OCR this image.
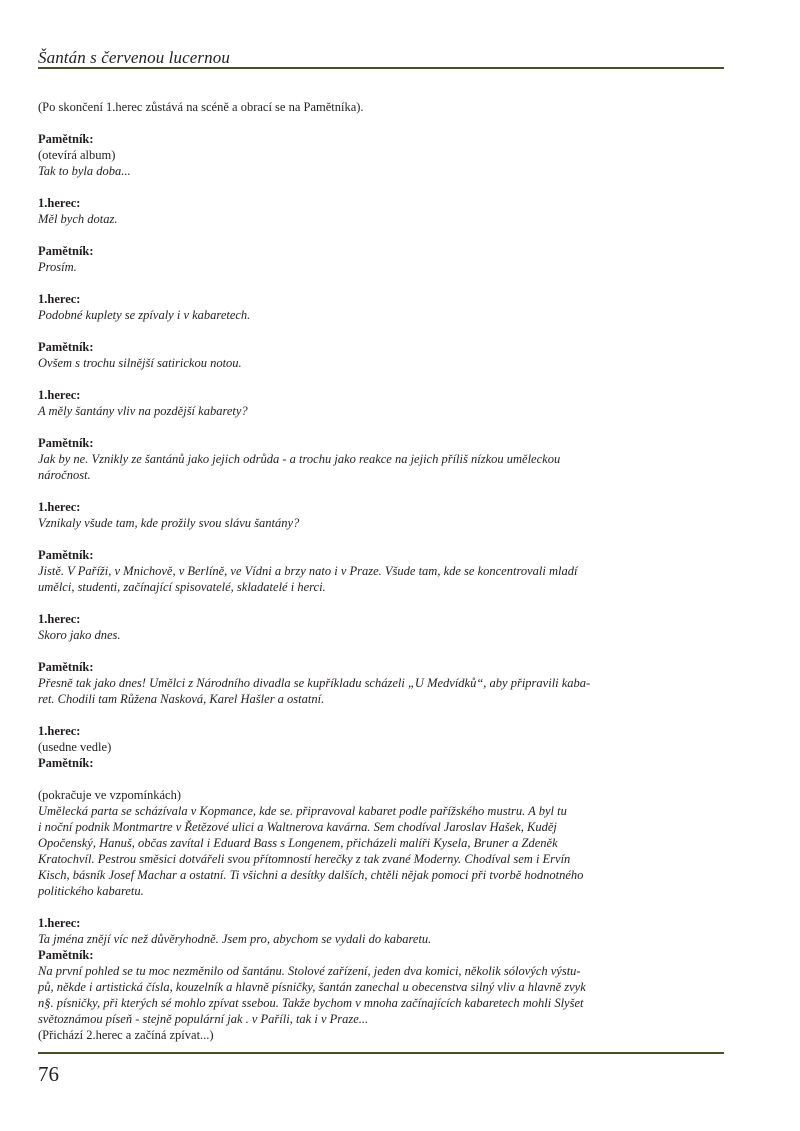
Šantán s červenou lucernou
(Po skončení 1.herec zůstává na scéně a obrací se na Pamětníka).
Pamětník:
(otevírá album)
Tak to byla doba...
1.herec:
Měl bych dotaz.
Pamětník:
Prosím.
1.herec:
Podobné kuplety se zpívaly i v kabaretech.
Pamětník:
Ovšem s trochu silnější satirickou notou.
1.herec:
A měly šantány vliv na pozdější kabarety?
Pamětník:
Jak by ne. Vznikly ze šantánů jako jejich odrůda - a trochu jako reakce na jejich příliš nízkou uměleckou
náročnost.
1.herec:
Vznikaly všude tam, kde prožily svou slávu šantány?
Pamětník:
Jistě. V Paříži, v Mnichově, v Berlíně, ve Vídni a brzy nato i v Praze. Všude tam, kde se koncentrovali mladí
umělci, studenti, začínající spisovatelé, skladatelé i herci.
1.herec:
Skoro jako dnes.
Pamětník:
Přesně tak jako dnes! Umělci z Národního divadla se kupříkladu scházeli „U Medvídků“, aby připravili kaba-
ret. Chodili tam Růžena Nasková, Karel Hašler a ostatní.
1.herec:
(usedne vedle)
Pamětník:
(pokračuje ve vzpomínkách)
Umělecká parta se scházívala v Kopmance, kde se. připravoval kabaret podle pařížského mustru. A byl tu
i noční podnik Montmartre v Řetězové ulici a Waltnerova kavárna. Sem chodíval Jaroslav Hašek, Kuděj
Opočenský, Hanuš, občas zavítal i Eduard Bass s Longenem, přicházeli malíři Kysela, Bruner a Zdeněk
Kratochvíl. Pestrou směsici dotvářeli svou přítomností herečky z tak zvané Moderny. Chodíval sem i Ervín
Kisch, básník Josef Machar a ostatní. Ti všichni a desítky dalších, chtěli nějak pomoci při tvorbě hodnotného
politického kabaretu.
1.herec:
Ta jména znějí víc než důvěryhodně. Jsem pro, abychom se vydali do kabaretu.
Pamětník:
Na první pohled se tu moc nezměnilo od šantánu. Stolové zařízení, jeden dva komici, několik sólových výstu-
pů, někde i artistická čísla, kouzelník a hlavně písničky, šantán zanechal u obecenstva silný vliv a hlavně zvyk
n§. písničky, při kterých sé mohlo zpívat ssebou. Takže bychom v mnoha začínajících kabaretech mohli Slyšet
světoznámou píseň - stejně populární jak . v Paříli, tak i v Praze...
(Přichází 2.herec a začíná zpívat...)
76
